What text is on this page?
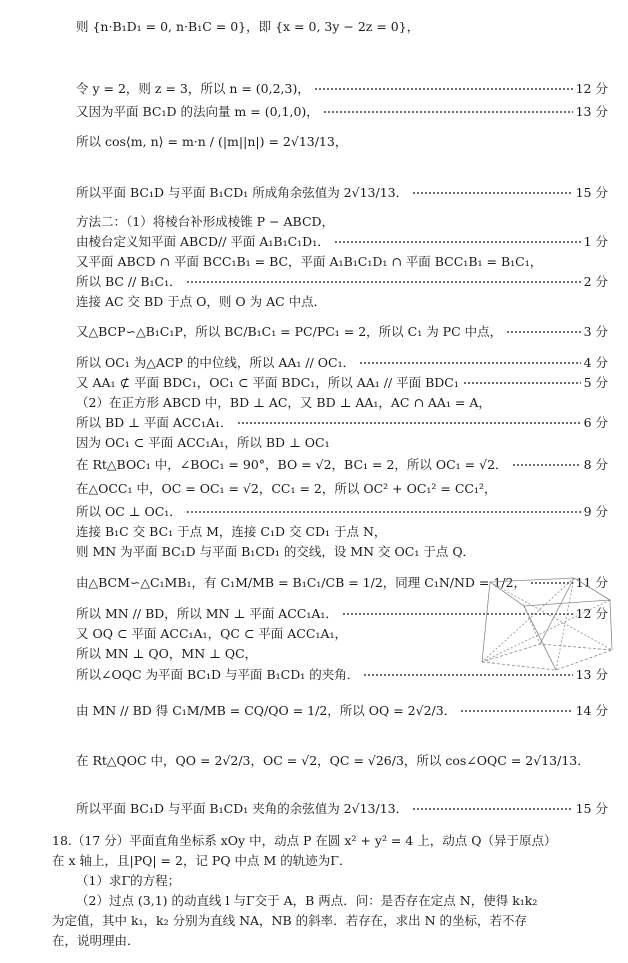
则 {n·B₁D₁ = 0, n·B₁C = 0}，即 {x = 0, 3y − 2z = 0}，
令 y = 2，则 z = 3，所以 n = (0,2,3)，	12 分
又因为平面 BC₁D 的法向量 m = (0,1,0)，	13 分
所以 cos⟨m, n⟩ = m·n / (|m||n|) = 2√13/13，
所以平面 BC₁D 与平面 B₁CD₁ 所成角余弦值为 2√13/13．	15 分
方法二：（1）将棱台补形成棱锥 P − ABCD，
由棱台定义知平面 ABCD// 平面 A₁B₁C₁D₁．	1 分
又平面 ABCD ∩ 平面 BCC₁B₁ = BC，平面 A₁B₁C₁D₁ ∩ 平面 BCC₁B₁ = B₁C₁，
所以 BC // B₁C₁．	2 分
连接 AC 交 BD 于点 O，则 O 为 AC 中点．
又△BCP∽△B₁C₁P，所以 BC/B₁C₁ = PC/PC₁ = 2，所以 C₁ 为 PC 中点，	3 分
所以 OC₁ 为△ACP 的中位线，所以 AA₁ // OC₁．	4 分
又 AA₁ ⊄ 平面 BDC₁，OC₁ ⊂ 平面 BDC₁，所以 AA₁ // 平面 BDC₁	5 分
（2）在正方形 ABCD 中，BD ⊥ AC，又 BD ⊥ AA₁，AC ∩ AA₁ = A，
所以 BD ⊥ 平面 ACC₁A₁．	6 分
因为 OC₁ ⊂ 平面 ACC₁A₁，所以 BD ⊥ OC₁
在 Rt△BOC₁ 中，∠BOC₁ = 90°，BO = √2，BC₁ = 2，所以 OC₁ = √2．	8 分
在△OCC₁ 中，OC = OC₁ = √2，CC₁ = 2，所以 OC² + OC₁² = CC₁²，
所以 OC ⊥ OC₁．	9 分
连接 B₁C 交 BC₁ 于点 M，连接 C₁D 交 CD₁ 于点 N，
则 MN 为平面 BC₁D 与平面 B₁CD₁ 的交线，设 MN 交 OC₁ 于点 Q．
由△BCM∽△C₁MB₁，有 C₁M/MB = B₁C₁/CB = 1/2，同理 C₁N/ND = 1/2，	11 分
所以 MN // BD，所以 MN ⊥ 平面 ACC₁A₁．	12 分
又 OQ ⊂ 平面 ACC₁A₁，QC ⊂ 平面 ACC₁A₁，
所以 MN ⊥ QO，MN ⊥ QC，
所以∠OQC 为平面 BC₁D 与平面 B₁CD₁ 的夹角．	13 分
由 MN // BD 得 C₁M/MB = CQ/QO = 1/2，所以 OQ = 2√2/3．	14 分
在 Rt△QOC 中，QO = 2√2/3，OC = √2，QC = √26/3，所以 cos∠OQC = 2√13/13．
所以平面 BC₁D 与平面 B₁CD₁ 夹角的余弦值为 2√13/13．	15 分
18.（17 分）平面直角坐标系 xOy 中，动点 P 在圆 x² + y² = 4 上，动点 Q（异于原点）
在 x 轴上，且|PQ| = 2，记 PQ 中点 M 的轨迹为Γ．
（1）求Γ的方程；
（2）过点 (3,1) 的动直线 l 与Γ交于 A，B 两点．问：是否存在定点 N，使得 k₁k₂
为定值，其中 k₁，k₂ 分别为直线 NA，NB 的斜率．若存在，求出 N 的坐标，若不存
在，说明理由．
